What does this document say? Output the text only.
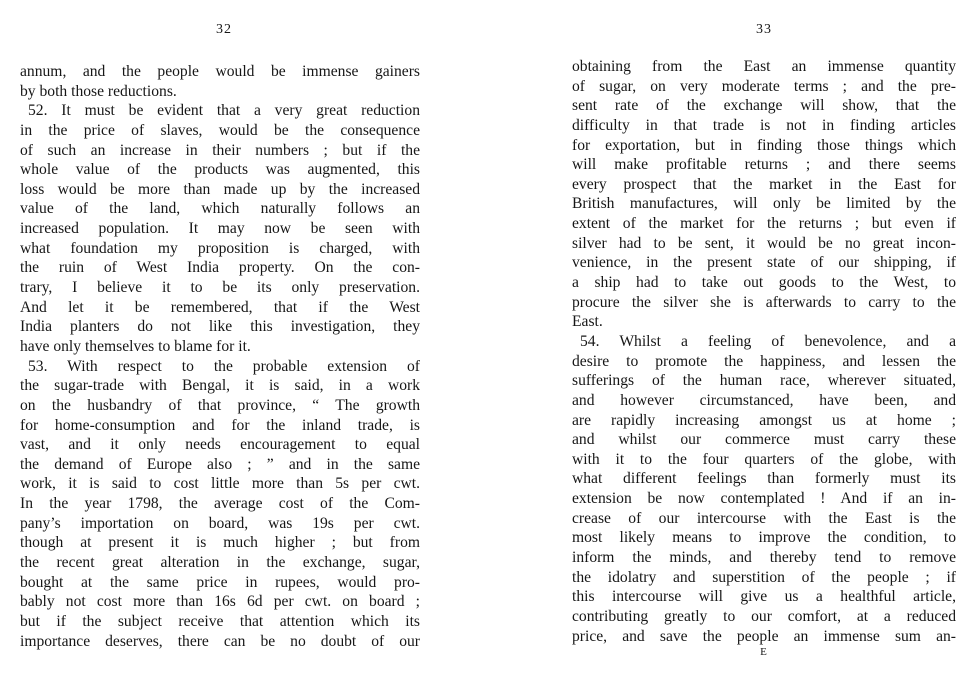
32
annum, and the people would be immense gainers
by both those reductions.
52. It must be evident that a very great reduction
in the price of slaves, would be the consequence
of such an increase in their numbers ; but if the
whole value of the products was augmented, this
loss would be more than made up by the increased
value of the land, which naturally follows an
increased population. It may now be seen with
what foundation my proposition is charged, with
the ruin of West India property. On the con-
trary, I believe it to be its only preservation.
And let it be remembered, that if the West
India planters do not like this investigation, they
have only themselves to blame for it.
53. With respect to the probable extension of
the sugar-trade with Bengal, it is said, in a work
on the husbandry of that province, “ The growth
for home-consumption and for the inland trade, is
vast, and it only needs encouragement to equal
the demand of Europe also ; ” and in the same
work, it is said to cost little more than 5s per cwt.
In the year 1798, the average cost of the Com-
pany’s importation on board, was 19s per cwt.
though at present it is much higher ; but from
the recent great alteration in the exchange, sugar,
bought at the same price in rupees, would pro-
bably not cost more than 16s 6d per cwt. on board ;
but if the subject receive that attention which its
importance deserves, there can be no doubt of our
33
obtaining from the East an immense quantity
of sugar, on very moderate terms ; and the pre-
sent rate of the exchange will show, that the
difficulty in that trade is not in finding articles
for exportation, but in finding those things which
will make profitable returns ; and there seems
every prospect that the market in the East for
British manufactures, will only be limited by the
extent of the market for the returns ; but even if
silver had to be sent, it would be no great incon-
venience, in the present state of our shipping, if
a ship had to take out goods to the West, to
procure the silver she is afterwards to carry to the
East.
54. Whilst a feeling of benevolence, and a
desire to promote the happiness, and lessen the
sufferings of the human race, wherever situated,
and however circumstanced, have been, and
are rapidly increasing amongst us at home ;
and whilst our commerce must carry these
with it to the four quarters of the globe, with
what different feelings than formerly must its
extension be now contemplated ! And if an in-
crease of our intercourse with the East is the
most likely means to improve the condition, to
inform the minds, and thereby tend to remove
the idolatry and superstition of the people ; if
this intercourse will give us a healthful article,
contributing greatly to our comfort, at a reduced
price, and save the people an immense sum an-
E
